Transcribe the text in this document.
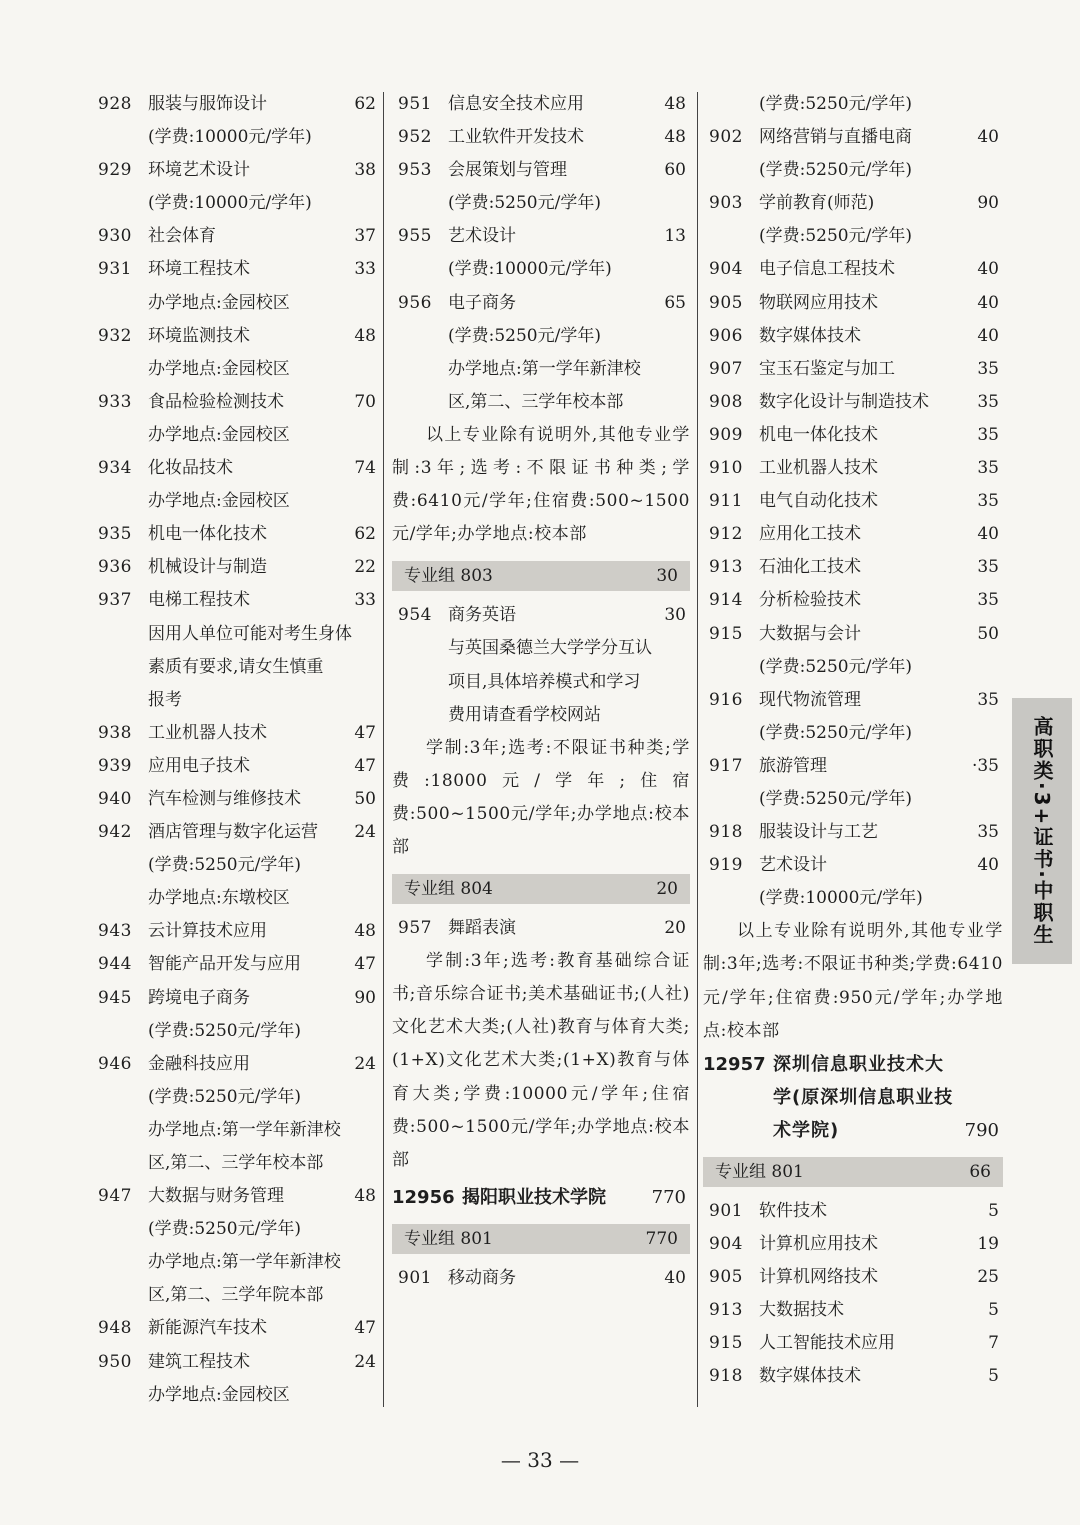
928 服装与服饰设计	62
(学费:10000元/学年)
929 环境艺术设计	38
(学费:10000元/学年)
930 社会体育	37
931 环境工程技术	33
办学地点:金园校区
932 环境监测技术	48
办学地点:金园校区
933 食品检验检测技术	70
办学地点:金园校区
934 化妆品技术	74
办学地点:金园校区
935 机电一体化技术	62
936 机械设计与制造	22
937 电梯工程技术	33
因用人单位可能对考生身体
素质有要求,请女生慎重
报考
938 工业机器人技术	47
939 应用电子技术	47
940 汽车检测与维修技术	50
942 酒店管理与数字化运营 24
(学费:5250元/学年)
办学地点:东墩校区
943 云计算技术应用	48
944 智能产品开发与应用	47
945 跨境电子商务	90
(学费:5250元/学年)
946 金融科技应用	24
(学费:5250元/学年)
办学地点:第一学年新津校
区,第二、三学年校本部
947 大数据与财务管理	48
(学费:5250元/学年)
办学地点:第一学年新津校
区,第二、三学年院本部
948 新能源汽车技术	47
950 建筑工程技术	24
办学地点:金园校区
951 信息安全技术应用	48
952 工业软件开发技术	48
953 会展策划与管理	60
(学费:5250元/学年)
955 艺术设计	13
(学费:10000元/学年)
956 电子商务	65
(学费:5250元/学年)
办学地点:第一学年新津校
区,第二、三学年校本部
以上专业除有说明外,其他专业学制:3年;选考:不限证书种类;学费:6410元/学年;住宿费:500~1500元/学年;办学地点:校本部
专业组 803	30
954 商务英语	30
与英国桑德兰大学学分互认
项目,具体培养模式和学习
费用请查看学校网站
学制:3年;选考:不限证书种类;学费:18000元/学年;住宿费:500~1500元/学年;办学地点:校本部
专业组 804	20
957 舞蹈表演	20
学制:3年;选考:教育基础综合证书;音乐综合证书;美术基础证书;(人社)文化艺术大类;(人社)教育与体育大类;(1+X)文化艺术大类;(1+X)教育与体育大类;学费:10000元/学年;住宿费:500~1500元/学年;办学地点:校本部
12956 揭阳职业技术学院	770
专业组 801	770
901 移动商务	40
(学费:5250元/学年)
902 网络营销与直播电商	40
(学费:5250元/学年)
903 学前教育(师范)	90
(学费:5250元/学年)
904 电子信息工程技术	40
905 物联网应用技术	40
906 数字媒体技术	40
907 宝玉石鉴定与加工	35
908 数字化设计与制造技术	35
909 机电一体化技术	35
910 工业机器人技术	35
911 电气自动化技术	35
912 应用化工技术	40
913 石油化工技术	35
914 分析检验技术	35
915 大数据与会计	50
(学费:5250元/学年)
916 现代物流管理	35
(学费:5250元/学年)
917 旅游管理	·35
(学费:5250元/学年)
918 服装设计与工艺	35
919 艺术设计	40
(学费:10000元/学年)
以上专业除有说明外,其他专业学制:3年;选考:不限证书种类;学费:6410元/学年;住宿费:950元/学年;办学地点:校本部
12957 深圳信息职业技术大学(原深圳信息职业技术学院)	790
专业组 801	66
901 软件技术	5
904 计算机应用技术	19
905 计算机网络技术	25
913 大数据技术	5
915 人工智能技术应用	7
918 数字媒体技术	5
高职类·3+证书·中职生
— 33 —
